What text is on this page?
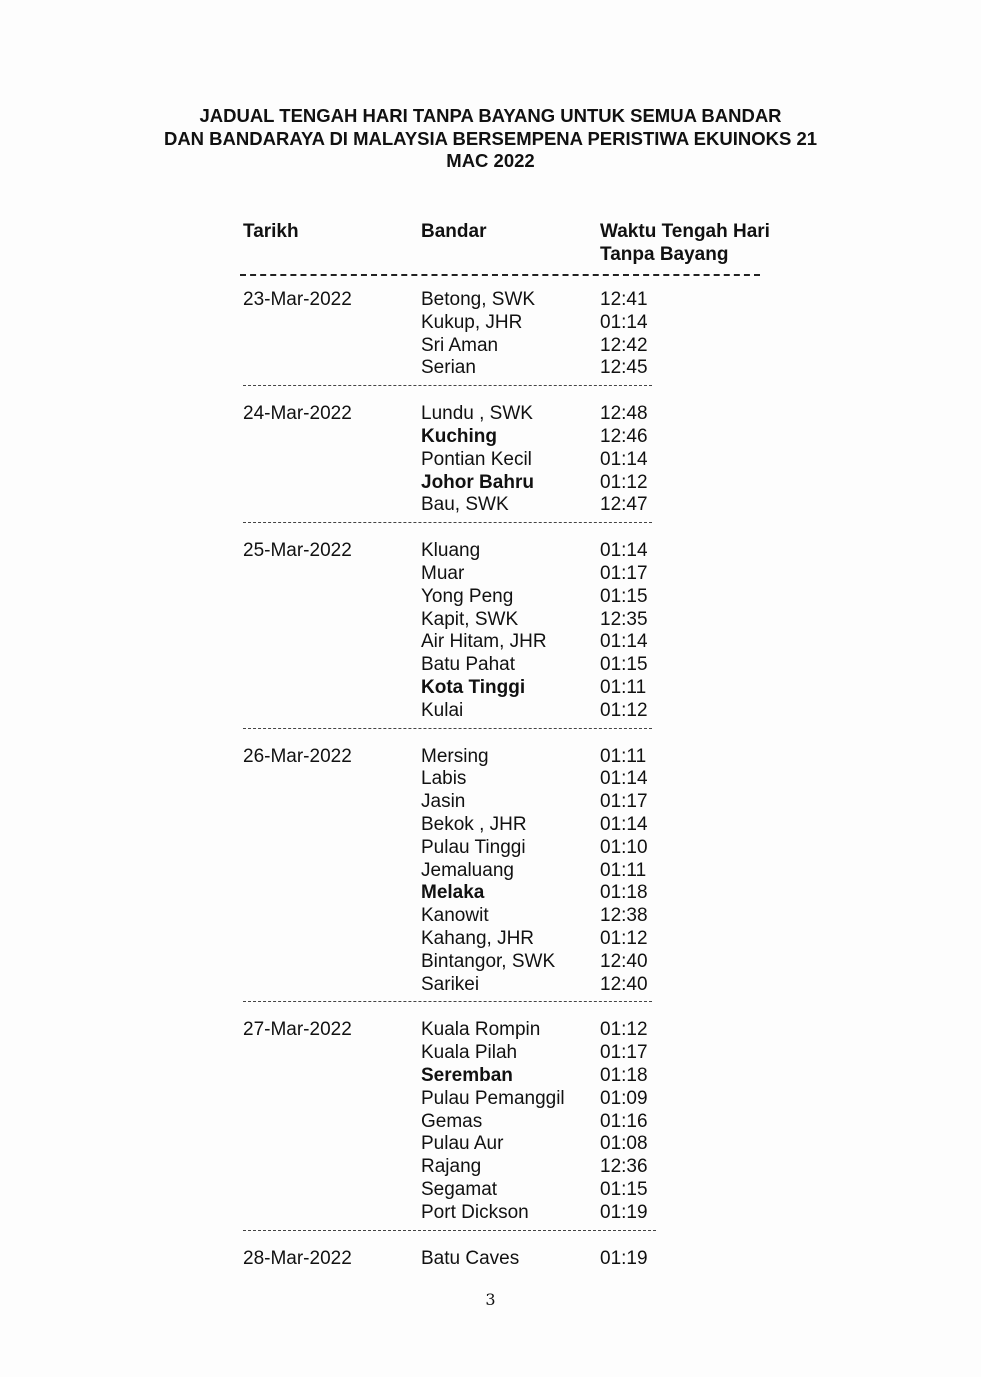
JADUAL TENGAH HARI TANPA BAYANG UNTUK SEMUA BANDAR
DAN BANDARAYA DI MALAYSIA BERSEMPENA PERISTIWA EKUINOKS 21
MAC 2022
Tarikh	Bandar	Waktu Tengah Hari
Tanpa Bayang
23-Mar-2022	Betong, SWK	12:41
Kukup, JHR	01:14
Sri Aman	12:42
Serian	12:45
24-Mar-2022	Lundu , SWK	12:48
Kuching	12:46
Pontian Kecil	01:14
Johor Bahru	01:12
Bau, SWK	12:47
25-Mar-2022	Kluang	01:14
Muar	01:17
Yong Peng	01:15
Kapit, SWK	12:35
Air Hitam, JHR	01:14
Batu Pahat	01:15
Kota Tinggi	01:11
Kulai	01:12
26-Mar-2022	Mersing	01:11
Labis	01:14
Jasin	01:17
Bekok , JHR	01:14
Pulau Tinggi	01:10
Jemaluang	01:11
Melaka	01:18
Kanowit	12:38
Kahang, JHR	01:12
Bintangor, SWK 12:40
Sarikei	12:40
27-Mar-2022	Kuala Rompin	01:12
Kuala Pilah	01:17
Seremban	01:18
Pulau Pemanggil 01:09
Gemas	01:16
Pulau Aur	01:08
Rajang	12:36
Segamat	01:15
Port Dickson	01:19
28-Mar-2022	Batu Caves	01:19
3
